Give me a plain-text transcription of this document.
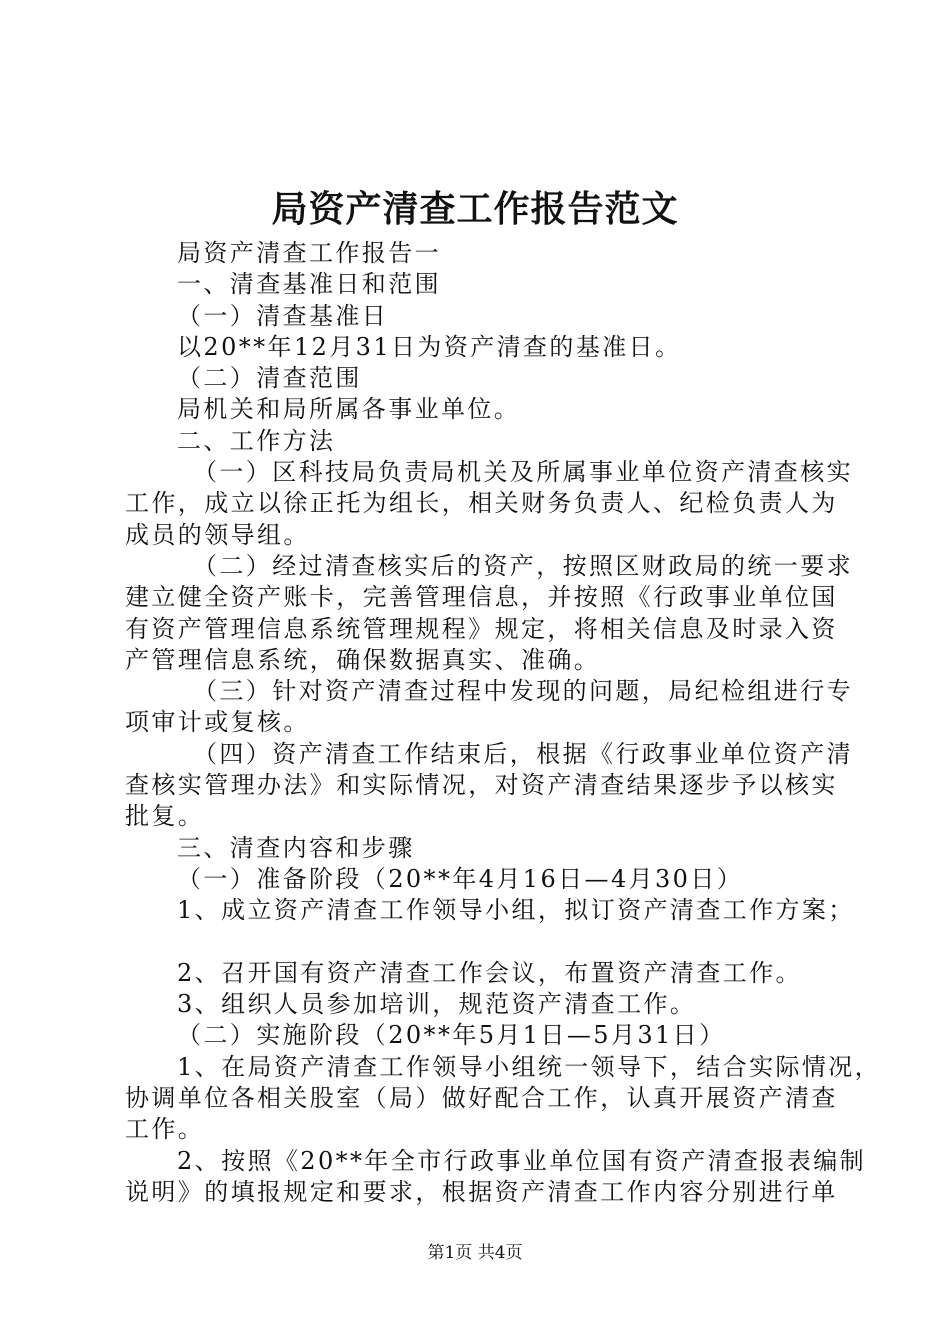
局资产清查工作报告范文
局资产清查工作报告一
一、清查基准日和范围
（一）清查基准日
以20**年12月31日为资产清查的基准日。
（二）清查范围
局机关和局所属各事业单位。
二、工作方法
（一）区科技局负责局机关及所属事业单位资产清查核实
工作，成立以徐正托为组长，相关财务负责人、纪检负责人为
成员的领导组。
（二）经过清查核实后的资产，按照区财政局的统一要求
建立健全资产账卡，完善管理信息，并按照《行政事业单位国
有资产管理信息系统管理规程》规定，将相关信息及时录入资
产管理信息系统，确保数据真实、准确。
（三）针对资产清查过程中发现的问题，局纪检组进行专
项审计或复核。
（四）资产清查工作结束后，根据《行政事业单位资产清
查核实管理办法》和实际情况，对资产清查结果逐步予以核实
批复。
三、清查内容和步骤
（一）准备阶段（20**年4月16日—4月30日）
1、成立资产清查工作领导小组，拟订资产清查工作方案；
2、召开国有资产清查工作会议，布置资产清查工作。
3、组织人员参加培训，规范资产清查工作。
（二）实施阶段（20**年5月1日—5月31日）
1、在局资产清查工作领导小组统一领导下，结合实际情况，
协调单位各相关股室（局）做好配合工作，认真开展资产清查
工作。
2、按照《20**年全市行政事业单位国有资产清查报表编制
说明》的填报规定和要求，根据资产清查工作内容分别进行单
第1页 共4页
